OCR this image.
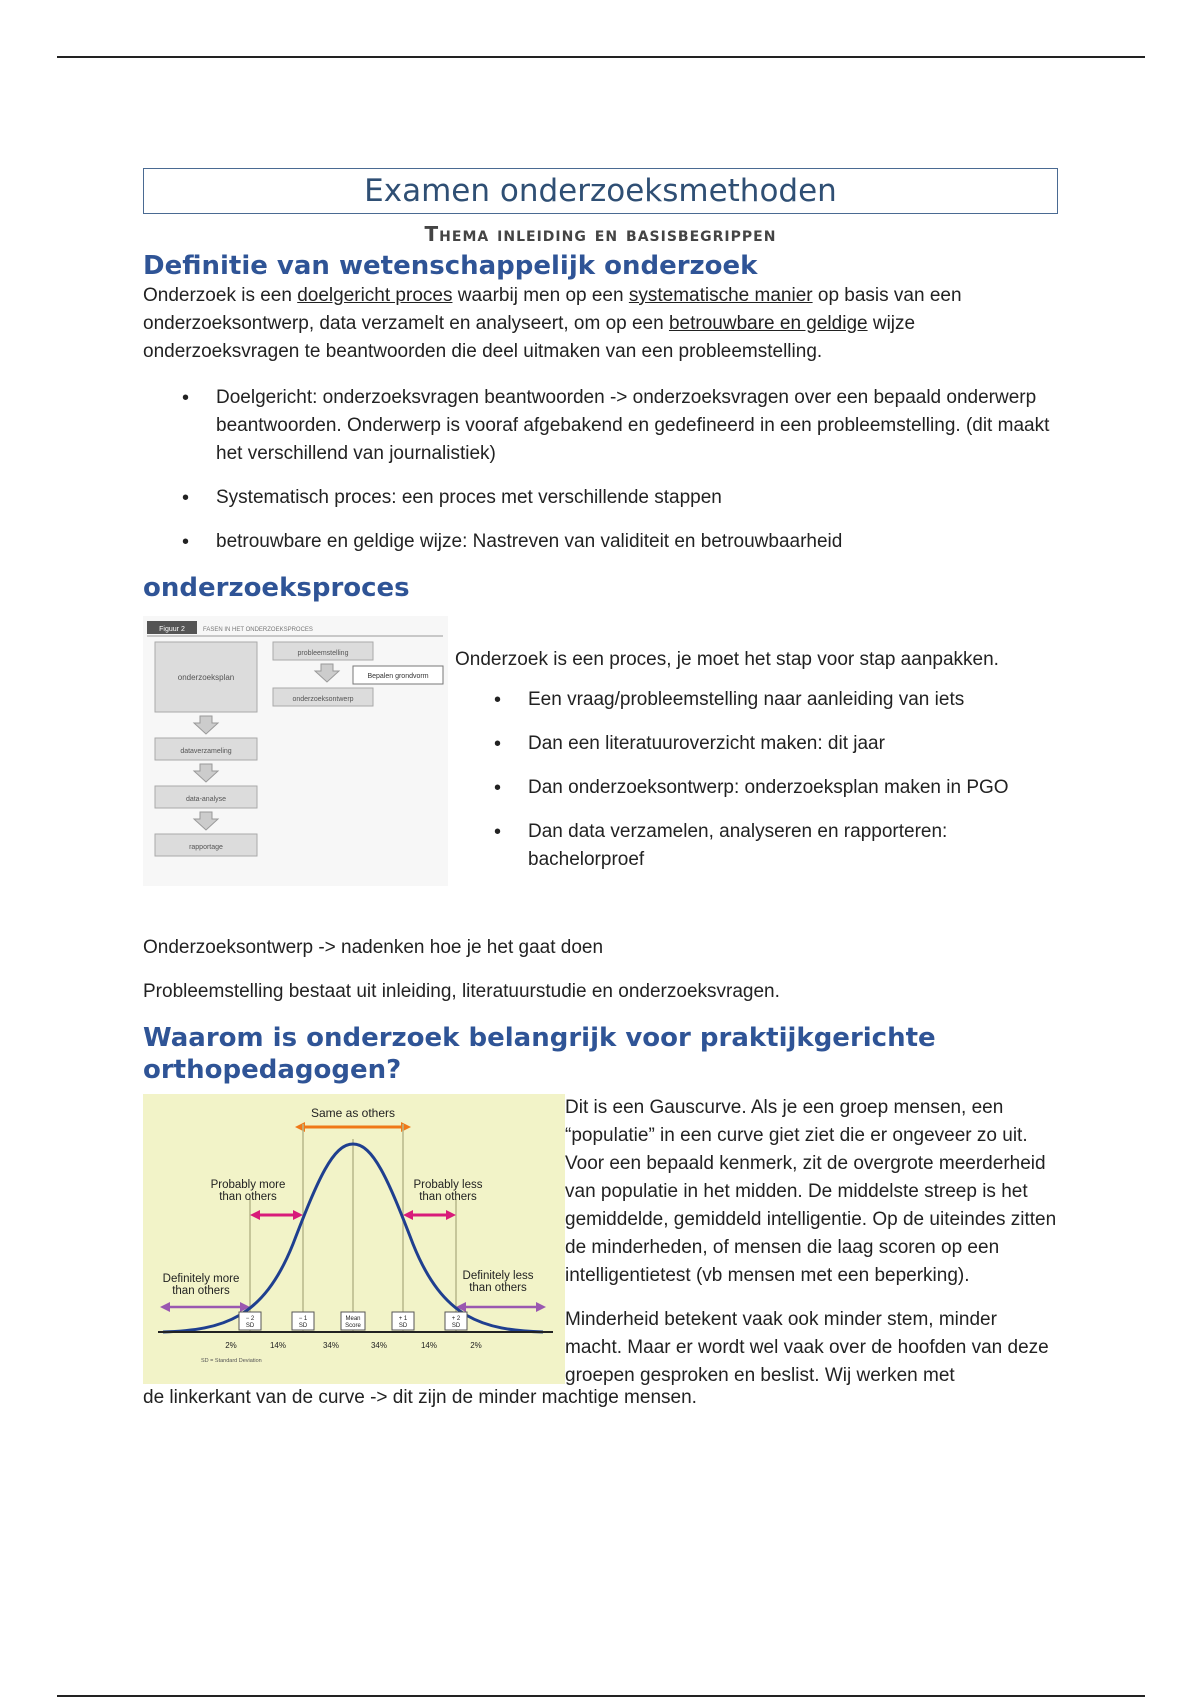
Examen onderzoeksmethoden
Thema inleiding en basisbegrippen
Definitie van wetenschappelijk onderzoek

Onderzoek is een doelgericht proces waarbij men op een systematische manier op basis van een onderzoeksontwerp, data verzamelt en analyseert, om op een betrouwbare en geldige wijze onderzoeksvragen te beantwoorden die deel uitmaken van een probleemstelling.

• Doelgericht: onderzoeksvragen beantwoorden -> onderzoeksvragen over een bepaald onderwerp beantwoorden. Onderwerp is vooraf afgebakend en gedefineerd in een probleemstelling. (dit maakt het verschillend van journalistiek)
• Systematisch proces: een proces met verschillende stappen
• betrouwbare en geldige wijze: Nastreven van validiteit en betrouwbaarheid
onderzoeksproces
Figuur 2	FASEN IN HET ONDERZOEKSPROCES
onderzoeksplan
probleemstelling
Bepalen grondvorm
onderzoeksontwerp
dataverzameling
data-analyse
rapportage

Onderzoek is een proces, je moet het stap voor stap aanpakken.

• Een vraag/probleemstelling naar aanleiding van iets
• Dan een literatuuroverzicht maken: dit jaar
• Dan onderzoeksontwerp: onderzoeksplan maken in PGO
• Dan data verzamelen, analyseren en rapporteren: bachelorproef

Onderzoeksontwerp -> nadenken hoe je het gaat doen

Probleemstelling bestaat uit inleiding, literatuurstudie en onderzoeksvragen.

Waarom is onderzoek belangrijk voor praktijkgerichte orthopedagogen?
Same as others
Probably more
than others
Probably less
than others
Definitely more
than others
Definitely less
than others
− 2
SD
− 1
SD
Mean
Score
+ 1
SD
+ 2
SD
2%	14%	34%	34%	14%	2%
SD = Standard Deviation

Dit is een Gauscurve. Als je een groep mensen, een “populatie” in een curve giet ziet die er ongeveer zo uit. Voor een bepaald kenmerk, zit de overgrote meerderheid van populatie in het midden. De middelste streep is het gemiddelde, gemiddeld intelligentie. Op de uiteindes zitten de minderheden, of mensen die laag scoren op een intelligentietest (vb mensen met een beperking).

Minderheid betekent vaak ook minder stem, minder macht. Maar er wordt wel vaak over de hoofden van deze groepen gesproken en beslist. Wij werken met

de linkerkant van de curve -> dit zijn de minder machtige mensen.
